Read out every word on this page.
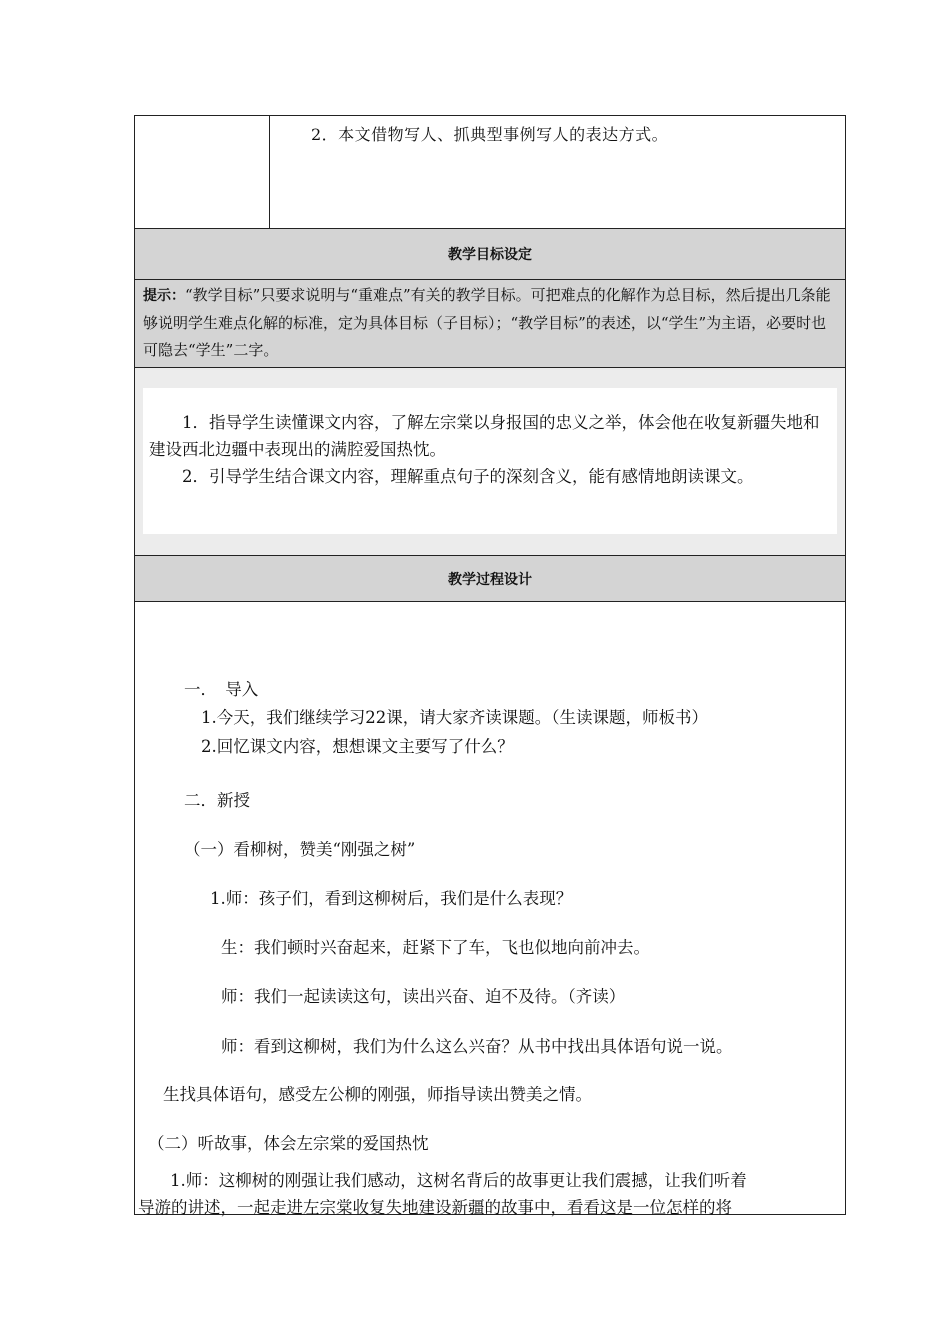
2．本文借物写人、抓典型事例写人的表达方式。
教学目标设定
提示：“教学目标”只要求说明与“重难点”有关的教学目标。可把难点的化解作为总目标，然后提出几条能够说明学生难点化解的标准，定为具体目标（子目标）；“教学目标”的表述，以“学生”为主语，必要时也可隐去“学生”二字。

1．指导学生读懂课文内容，了解左宗棠以身报国的忠义之举，体会他在收复新疆失地和建设西北边疆中表现出的满腔爱国热忱。

2．引导学生结合课文内容，理解重点句子的深刻含义，能有感情地朗读课文。

教学过程设计
一．　导入
1.今天，我们继续学习22课，请大家齐读课题。（生读课题，师板书）
2.回忆课文内容，想想课文主要写了什么？
二．新授
（一）看柳树，赞美“刚强之树”
1.师：孩子们，看到这柳树后，我们是什么表现？
生：我们顿时兴奋起来，赶紧下了车，飞也似地向前冲去。
师：我们一起读读这句，读出兴奋、迫不及待。（齐读）
师：看到这柳树，我们为什么这么兴奋？从书中找出具体语句说一说。
生找具体语句，感受左公柳的刚强，师指导读出赞美之情。
（二）听故事，体会左宗棠的爱国热忱
1.师：这柳树的刚强让我们感动，这树名背后的故事更让我们震撼，让我们听着
导游的讲述，一起走进左宗棠收复失地建设新疆的故事中，看看这是一位怎样的将
